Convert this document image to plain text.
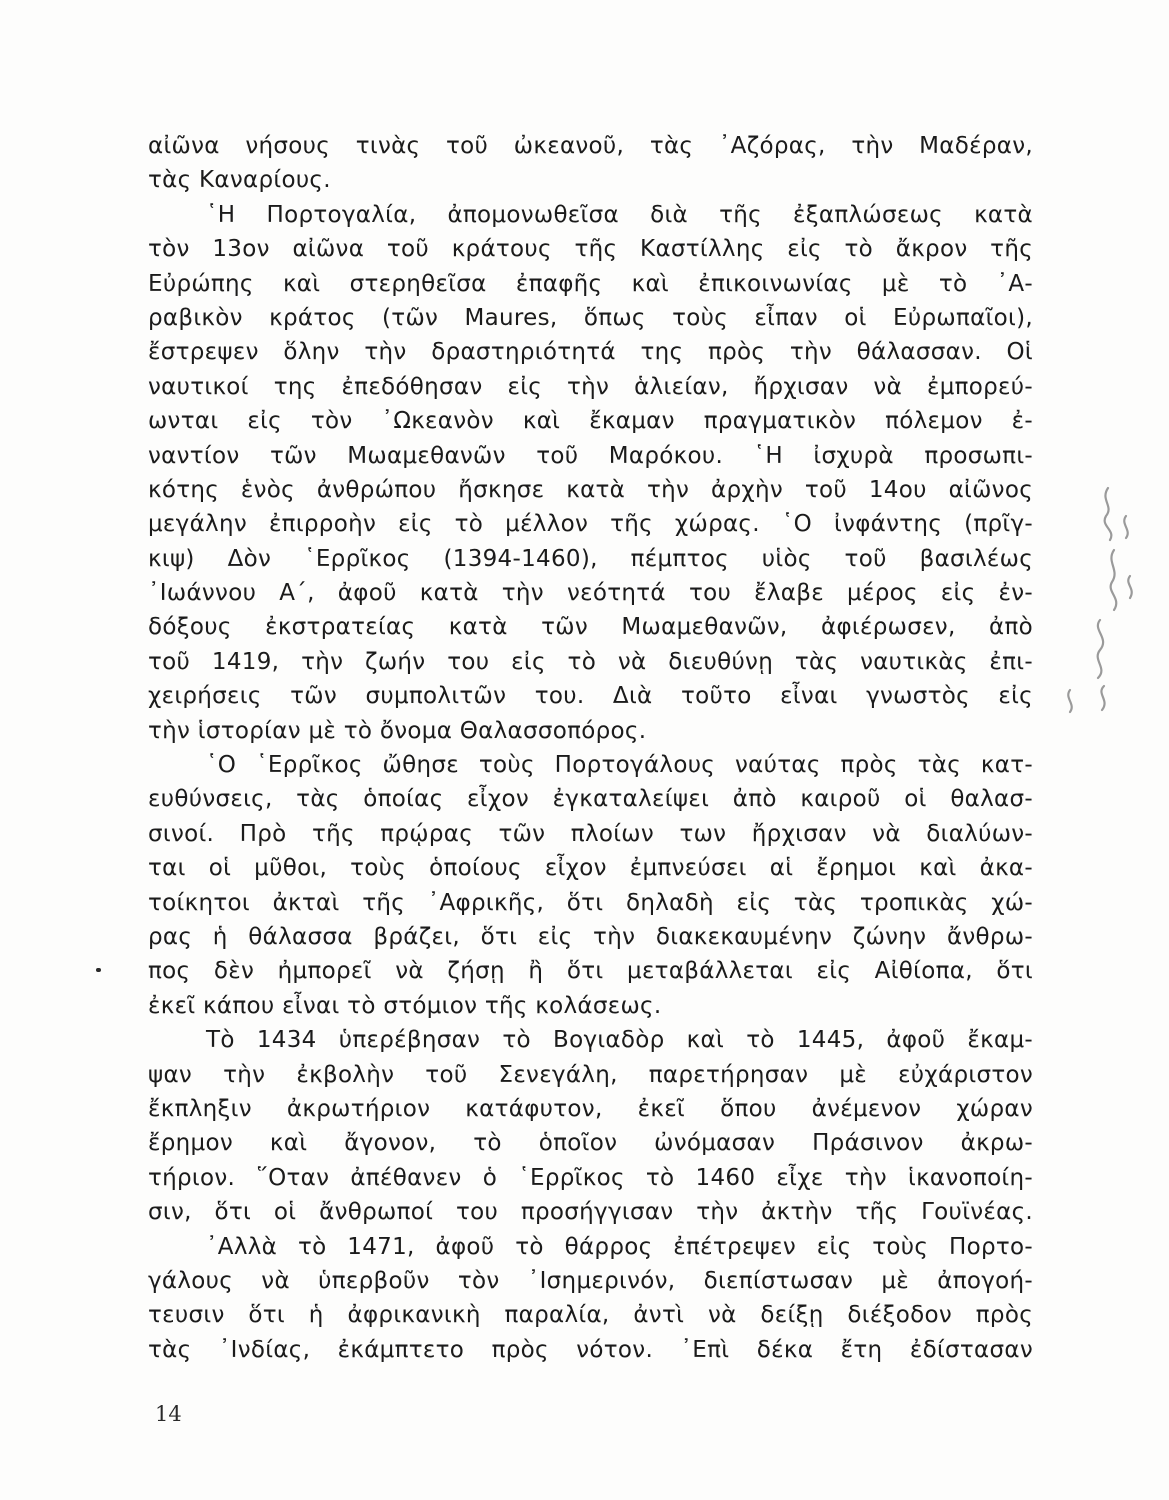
αἰῶνα νήσους τινὰς τοῦ ὠκεανοῦ, τὰς ᾿Αζόρας, τὴν Μαδέραν,
τὰς Καναρίους.
῾Η Πορτογαλία, ἀπομονωθεῖσα διὰ τῆς ἐξαπλώσεως κατὰ
τὸν 13ον αἰῶνα τοῦ κράτους τῆς Καστίλλης εἰς τὸ ἄκρον τῆς
Εὐρώπης καὶ στερηθεῖσα ἐπαφῆς καὶ ἐπικοινωνίας μὲ τὸ ᾿Α-
ραβικὸν κράτος (τῶν Maures, ὅπως τοὺς εἶπαν οἱ Εὐρωπαῖοι),
ἔστρεψεν ὅλην τὴν δραστηριότητά της πρὸς τὴν θάλασσαν. Οἱ
ναυτικοί της ἐπεδόθησαν εἰς τὴν ἁλιείαν, ἤρχισαν νὰ ἐμπορεύ-
ωνται εἰς τὸν ᾿Ωκεανὸν καὶ ἔκαμαν πραγματικὸν πόλεμον ἐ-
ναντίον τῶν Μωαμεθανῶν τοῦ Μαρόκου. ῾Η ἰσχυρὰ προσωπι-
κότης ἑνὸς ἀνθρώπου ἤσκησε κατὰ τὴν ἀρχὴν τοῦ 14ου αἰῶνος
μεγάλην ἐπιρροὴν εἰς τὸ μέλλον τῆς χώρας. ῾Ο ἰνφάντης (πρῖγ-
κιψ) Δὸν ῾Ερρῖκος (1394-1460), πέμπτος υἱὸς τοῦ βασιλέως
᾿Ιωάννου Α΄, ἀφοῦ κατὰ τὴν νεότητά του ἔλαβε μέρος εἰς ἐν-
δόξους ἐκστρατείας κατὰ τῶν Μωαμεθανῶν, ἀφιέρωσεν, ἀπὸ
τοῦ 1419, τὴν ζωήν του εἰς τὸ νὰ διευθύνῃ τὰς ναυτικὰς ἐπι-
χειρήσεις τῶν συμπολιτῶν του. Διὰ τοῦτο εἶναι γνωστὸς εἰς
τὴν ἱστορίαν μὲ τὸ ὄνομα Θαλασσοπόρος.
῾Ο ῾Ερρῖκος ὤθησε τοὺς Πορτογάλους ναύτας πρὸς τὰς κατ-
ευθύνσεις, τὰς ὁποίας εἶχον ἐγκαταλείψει ἀπὸ καιροῦ οἱ θαλασ-
σινοί. Πρὸ τῆς πρῴρας τῶν πλοίων των ἤρχισαν νὰ διαλύων-
ται οἱ μῦθοι, τοὺς ὁποίους εἶχον ἐμπνεύσει αἱ ἔρημοι καὶ ἀκα-
τοίκητοι ἀκταὶ τῆς ᾿Αφρικῆς, ὅτι δηλαδὴ εἰς τὰς τροπικὰς χώ-
ρας ἡ θάλασσα βράζει, ὅτι εἰς τὴν διακεκαυμένην ζώνην ἄνθρω-
πος δὲν ἠμπορεῖ νὰ ζήσῃ ἢ ὅτι μεταβάλλεται εἰς Αἰθίοπα, ὅτι
ἐκεῖ κάπου εἶναι τὸ στόμιον τῆς κολάσεως.
Τὸ 1434 ὑπερέβησαν τὸ Βογιαδὸρ καὶ τὸ 1445, ἀφοῦ ἔκαμ-
ψαν τὴν ἐκβολὴν τοῦ Σενεγάλη, παρετήρησαν μὲ εὐχάριστον
ἔκπληξιν ἀκρωτήριον κατάφυτον, ἐκεῖ ὅπου ἀνέμενον χώραν
ἔρημον καὶ ἄγονον, τὸ ὁποῖον ὠνόμασαν Πράσινον ἀκρω-
τήριον. ῞Οταν ἀπέθανεν ὁ ῾Ερρῖκος τὸ 1460 εἶχε τὴν ἱκανοποίη-
σιν, ὅτι οἱ ἄνθρωποί του προσήγγισαν τὴν ἀκτὴν τῆς Γουϊνέας.
᾿Αλλὰ τὸ 1471, ἀφοῦ τὸ θάρρος ἐπέτρεψεν εἰς τοὺς Πορτο-
γάλους νὰ ὑπερβοῦν τὸν ᾿Ισημερινόν, διεπίστωσαν μὲ ἀπογοή-
τευσιν ὅτι ἡ ἀφρικανικὴ παραλία, ἀντὶ νὰ δείξῃ διέξοδον πρὸς
τὰς ᾿Ινδίας, ἐκάμπτετο πρὸς νότον. ᾿Επὶ δέκα ἔτη ἐδίστασαν
14
